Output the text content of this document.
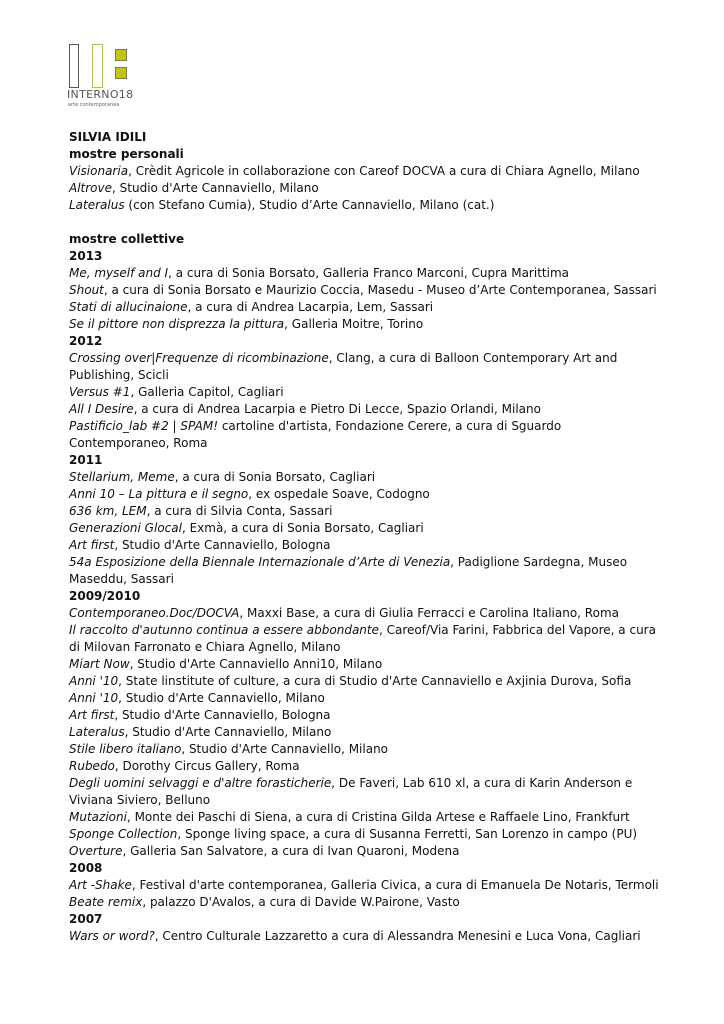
INTERNO18
arte contemporanea

SILVIA IDILI

mostre personali

Visionaria, Crèdit Agricole in collaborazione con Careof DOCVA a cura di Chiara Agnello, Milano

Altrove, Studio d'Arte Cannaviello, Milano

Lateralus (con Stefano Cumia), Studio d’Arte Cannaviello, Milano (cat.)

mostre collettive

2013

Me, myself and I, a cura di Sonia Borsato, Galleria Franco Marconi, Cupra Marittima

Shout, a cura di Sonia Borsato e Maurizio Coccia, Masedu - Museo d’Arte Contemporanea, Sassari

Stati di allucinaione, a cura di Andrea Lacarpia, Lem, Sassari

Se il pittore non disprezza la pittura, Galleria Moitre, Torino

2012

Crossing over|Frequenze di ricombinazione, Clang, a cura di Balloon Contemporary Art and Publishing, Scicli

Versus #1, Galleria Capitol, Cagliari

All I Desire, a cura di Andrea Lacarpia e Pietro Di Lecce, Spazio Orlandi, Milano

Pastificio_lab #2 | SPAM! cartoline d'artista, Fondazione Cerere, a cura di Sguardo Contemporaneo, Roma

2011

Stellarium, Meme, a cura di Sonia Borsato, Cagliari

Anni 10 – La pittura e il segno, ex ospedale Soave, Codogno

636 km, LEM, a cura di Silvia Conta, Sassari

Generazioni Glocal, Exmà, a cura di Sonia Borsato, Cagliari

Art first, Studio d'Arte Cannaviello, Bologna

54a Esposizione della Biennale Internazionale d’Arte di Venezia, Padiglione Sardegna, Museo Maseddu, Sassari

2009/2010

Contemporaneo.Doc/DOCVA, Maxxi Base, a cura di Giulia Ferracci e Carolina Italiano, Roma

Il raccolto d'autunno continua a essere abbondante, Careof/Via Farini, Fabbrica del Vapore, a cura di Milovan Farronato e Chiara Agnello, Milano

Miart Now, Studio d'Arte Cannaviello Anni10, Milano

Anni '10, State linstitute of culture, a cura di Studio d'Arte Cannaviello e Axjinia Durova, Sofia

Anni '10, Studio d'Arte Cannaviello, Milano

Art first, Studio d'Arte Cannaviello, Bologna

Lateralus, Studio d'Arte Cannaviello, Milano

Stile libero italiano, Studio d'Arte Cannaviello, Milano

Rubedo, Dorothy Circus Gallery, Roma

Degli uomini selvaggi e d'altre forasticherie, De Faveri, Lab 610 xl, a cura di Karin Anderson e Viviana Siviero, Belluno

Mutazioni, Monte dei Paschi di Siena, a cura di Cristina Gilda Artese e Raffaele Lino, Frankfurt

Sponge Collection, Sponge living space, a cura di Susanna Ferretti, San Lorenzo in campo (PU)

Overture, Galleria San Salvatore, a cura di Ivan Quaroni, Modena

2008

Art -Shake, Festival d'arte contemporanea, Galleria Civica, a cura di Emanuela De Notaris, Termoli

Beate remix, palazzo D'Avalos, a cura di Davide W.Pairone, Vasto

2007

Wars or word?, Centro Culturale Lazzaretto a cura di Alessandra Menesini e Luca Vona, Cagliari
